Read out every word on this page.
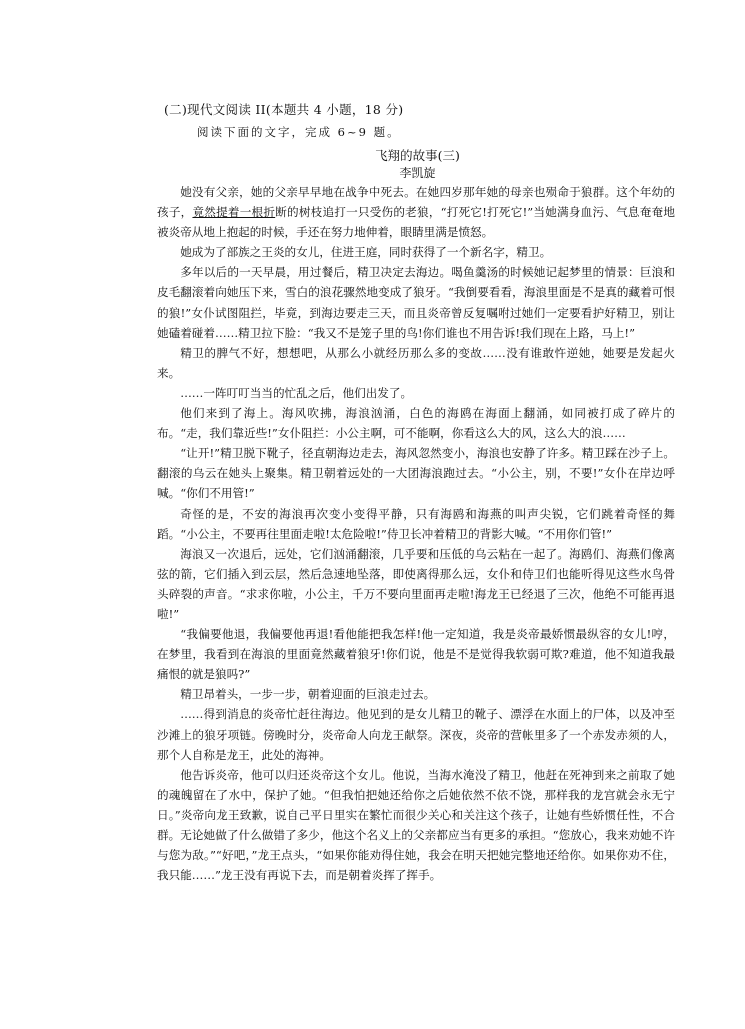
(二)现代文阅读 II(本题共 4 小题，18 分)
阅读下面的文字，完成 6~9 题。
飞翔的故事(三)
李凯旋

她没有父亲，她的父亲早早地在战争中死去。在她四岁那年她的母亲也殒命于狼群。这个年幼的孩子，竟然提着一根折断的树枝追打一只受伤的老狼，“打死它!打死它!”当她满身血污、气息奄奄地被炎帝从地上抱起的时候，手还在努力地伸着，眼睛里满是愤怒。

她成为了部族之王炎的女儿，住进王庭，同时获得了一个新名字，精卫。

多年以后的一天早晨，用过餐后，精卫决定去海边。喝鱼羹汤的时候她记起梦里的情景：巨浪和皮毛翻滚着向她压下来，雪白的浪花骤然地变成了狼牙。“我倒要看看，海浪里面是不是真的藏着可恨的狼!”女仆试图阻拦，毕竟，到海边要走三天，而且炎帝曾反复嘱咐过她们一定要看护好精卫，别让她磕着碰着……精卫拉下脸：“我又不是笼子里的鸟!你们谁也不用告诉!我们现在上路，马上!”

精卫的脾气不好，想想吧，从那么小就经历那么多的变故……没有谁敢忤逆她，她要是发起火来。

……一阵叮叮当当的忙乱之后，他们出发了。

他们来到了海上。海风吹拂，海浪汹涌，白色的海鸥在海面上翻涌，如同被打成了碎片的布。“走，我们靠近些!”女仆阻拦：小公主啊，可不能啊，你看这么大的风，这么大的浪……

“让开!”精卫脱下靴子，径直朝海边走去，海风忽然变小，海浪也安静了许多。精卫踩在沙子上。翻滚的乌云在她头上聚集。精卫朝着远处的一大团海浪跑过去。“小公主，别，不要!”女仆在岸边呼喊。“你们不用管!”

奇怪的是，不安的海浪再次变小变得平静，只有海鸥和海燕的叫声尖锐，它们跳着奇怪的舞蹈。“小公主，不要再往里面走啦!太危险啦!”侍卫长冲着精卫的背影大喊。“不用你们管!”

海浪又一次退后，远处，它们汹涌翻滚，几乎要和压低的乌云粘在一起了。海鸥们、海燕们像离弦的箭，它们插入到云层，然后急速地坠落，即使离得那么远，女仆和侍卫们也能听得见这些水鸟骨头碎裂的声音。“求求你啦，小公主，千万不要向里面再走啦!海龙王已经退了三次，他绝不可能再退啦!”

“我偏要他退，我偏要他再退!看他能把我怎样!他一定知道，我是炎帝最娇惯最纵容的女儿!哼，在梦里，我看到在海浪的里面竟然藏着狼牙!你们说，他是不是觉得我软弱可欺?难道，他不知道我最痛恨的就是狼吗?”

精卫昂着头，一步一步，朝着迎面的巨浪走过去。

……得到消息的炎帝忙赶往海边。他见到的是女儿精卫的靴子、漂浮在水面上的尸体，以及冲至沙滩上的狼牙项链。傍晚时分，炎帝命人向龙王献祭。深夜，炎帝的营帐里多了一个赤发赤须的人，那个人自称是龙王，此处的海神。

他告诉炎帝，他可以归还炎帝这个女儿。他说，当海水淹没了精卫，他赶在死神到来之前取了她的魂魄留在了水中，保护了她。“但我怕把她还给你之后她依然不依不饶，那样我的龙宫就会永无宁日。”炎帝向龙王致歉，说自己平日里实在繁忙而很少关心和关注这个孩子，让她有些娇惯任性，不合群。无论她做了什么做错了多少，他这个名义上的父亲都应当有更多的承担。“您放心，我来劝她不许与您为敌。”“好吧，”龙王点头，“如果你能劝得住她，我会在明天把她完整地还给你。如果你劝不住，我只能……”龙王没有再说下去，而是朝着炎挥了挥手。
